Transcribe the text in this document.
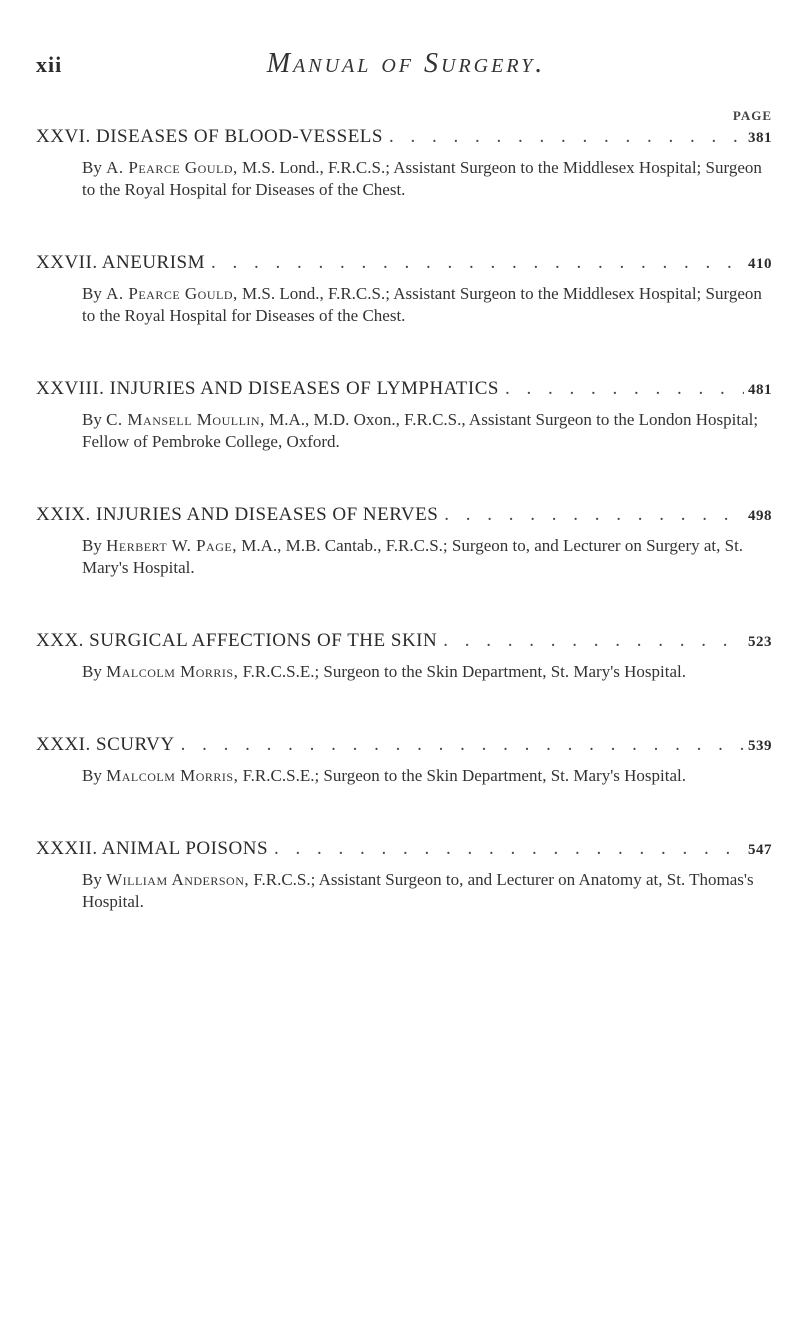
xii	Manual of Surgery.
PAGE
XXVI. DISEASES OF BLOOD-VESSELS . . .	381
By A. Pearce Gould, M.S. Lond., F.R.C.S.; Assistant Surgeon to the Middlesex Hospital; Surgeon to the Royal Hospital for Diseases of the Chest.
XXVII. ANEURISM . . .	410
By A. Pearce Gould, M.S. Lond., F.R.C.S.; Assistant Surgeon to the Middlesex Hospital; Surgeon to the Royal Hospital for Diseases of the Chest.
XXVIII. INJURIES AND DISEASES OF LYMPHATICS . . .	481
By C. Mansell Moullin, M.A., M.D. Oxon., F.R.C.S., Assistant Surgeon to the London Hospital; Fellow of Pembroke College, Oxford.
XXIX. INJURIES AND DISEASES OF NERVES . . .	498
By Herbert W. Page, M.A., M.B. Cantab., F.R.C.S.; Surgeon to, and Lecturer on Surgery at, St. Mary's Hospital.
XXX. SURGICAL AFFECTIONS OF THE SKIN . . .	523
By Malcolm Morris, F.R.C.S.E.; Surgeon to the Skin Department, St. Mary's Hospital.
XXXI. SCURVY . . .	539
By Malcolm Morris, F.R.C.S.E.; Surgeon to the Skin Department, St. Mary's Hospital.
XXXII. ANIMAL POISONS . . .	547
By William Anderson, F.R.C.S.; Assistant Surgeon to, and Lecturer on Anatomy at, St. Thomas's Hospital.
